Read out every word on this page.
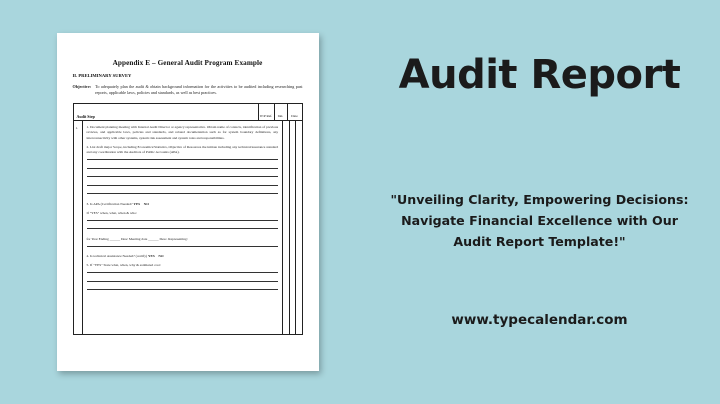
Appendix E – General Audit Program Example
II. PRELIMINARY SURVEY
Objective: To adequately plan the audit & obtain background information for the activities to be audited including researching past reports, applicable laws, policies and standards, as well as best practices.
Audit Step	W/P Ref.	Init.	Date
1.	1. Document planning meeting with Internal Audit Director or agency representative. Obtain name of contacts, identification of previous reviews, and applicable laws, policies and standards, and related documentation such as for system boundary definitions, any interconnectivity with other systems, system risk assessment and system roles and responsibilities.
2. List draft major Scope, including Economics/Statistics, Objective of Resources the initiate including any technical/assurance standard and any coordination with the Auditors of Public Accounts (APA).
3. Is APA (Certification Needed? YES NO
If "YES" when, what, when & who:
for Year Ending ______ Desc Meeting date ______ Desc. Representing:
4. Is technical Assistance Needed? (certify) YES NO
5. If "YES" State what, when, why & estimated cost:
Audit Report
"Unveiling Clarity, Empowering Decisions: Navigate Financial Excellence with Our Audit Report Template!"
www.typecalendar.com
